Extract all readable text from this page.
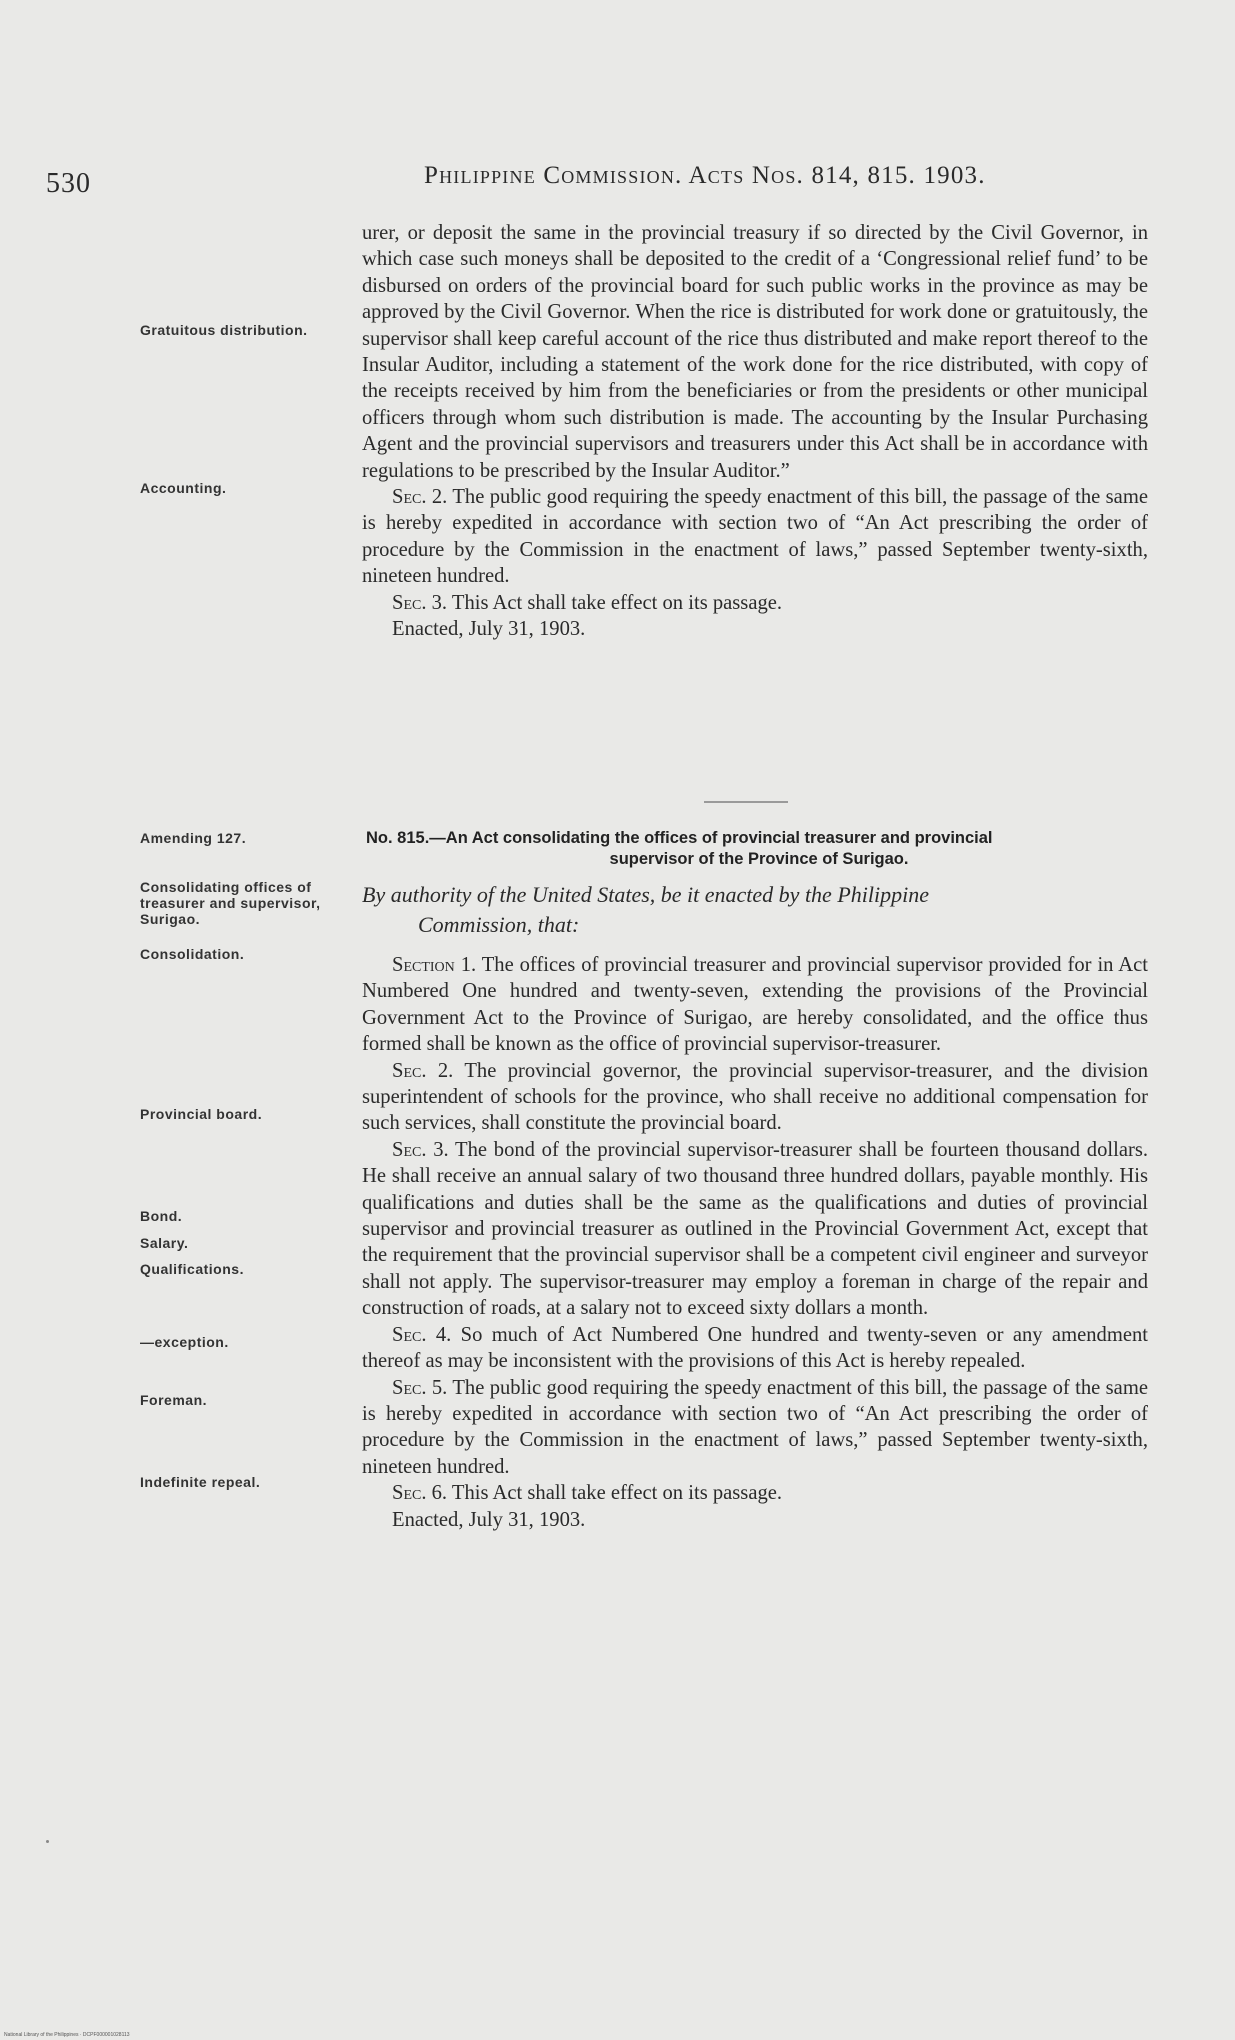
530	Philippine Commission. Acts Nos. 814, 815. 1903.
Gratuitous distribution.
Accounting.
Amending 127.
Consolidating offices of treasurer and supervisor, Surigao.
Consolidation.
Provincial board.
Bond.
Salary.
Qualifications.
—exception.
Foreman.
Indefinite repeal.

urer, or deposit the same in the provincial treasury if so directed by the Civil Governor, in which case such moneys shall be deposited to the credit of a ‘Congressional relief fund’ to be disbursed on orders of the provincial board for such public works in the province as may be approved by the Civil Governor. When the rice is distributed for work done or gratuitously, the supervisor shall keep careful account of the rice thus distributed and make report thereof to the Insular Auditor, including a statement of the work done for the rice distributed, with copy of the receipts received by him from the beneficiaries or from the presidents or other municipal officers through whom such distribution is made. The accounting by the Insular Purchasing Agent and the provincial supervisors and treasurers under this Act shall be in accordance with regulations to be prescribed by the Insular Auditor.”

Sec. 2. The public good requiring the speedy enactment of this bill, the passage of the same is hereby expedited in accordance with section two of “An Act prescribing the order of procedure by the Commission in the enactment of laws,” passed September twenty-sixth, nineteen hundred.

Sec. 3. This Act shall take effect on its passage.

Enacted, July 31, 1903.

No. 815.—An Act consolidating the offices of provincial treasurer and provincial
supervisor of the Province of Surigao.
By authority of the United States, be it enacted by the Philippine
Commission, that:

Section 1. The offices of provincial treasurer and provincial supervisor provided for in Act Numbered One hundred and twenty-seven, extending the provisions of the Provincial Government Act to the Province of Surigao, are hereby consolidated, and the office thus formed shall be known as the office of provincial supervisor-treasurer.

Sec. 2. The provincial governor, the provincial supervisor-treasurer, and the division superintendent of schools for the province, who shall receive no additional compensation for such services, shall constitute the provincial board.

Sec. 3. The bond of the provincial supervisor-treasurer shall be fourteen thousand dollars. He shall receive an annual salary of two thousand three hundred dollars, payable monthly. His qualifications and duties shall be the same as the qualifications and duties of provincial supervisor and provincial treasurer as outlined in the Provincial Government Act, except that the requirement that the provincial supervisor shall be a competent civil engineer and surveyor shall not apply. The supervisor-treasurer may employ a foreman in charge of the repair and construction of roads, at a salary not to exceed sixty dollars a month.

Sec. 4. So much of Act Numbered One hundred and twenty-seven or any amendment thereof as may be inconsistent with the provisions of this Act is hereby repealed.

Sec. 5. The public good requiring the speedy enactment of this bill, the passage of the same is hereby expedited in accordance with section two of “An Act prescribing the order of procedure by the Commission in the enactment of laws,” passed September twenty-sixth, nineteen hundred.

Sec. 6. This Act shall take effect on its passage.

Enacted, July 31, 1903.

National Library of the Philippines · DCPF000001028113
